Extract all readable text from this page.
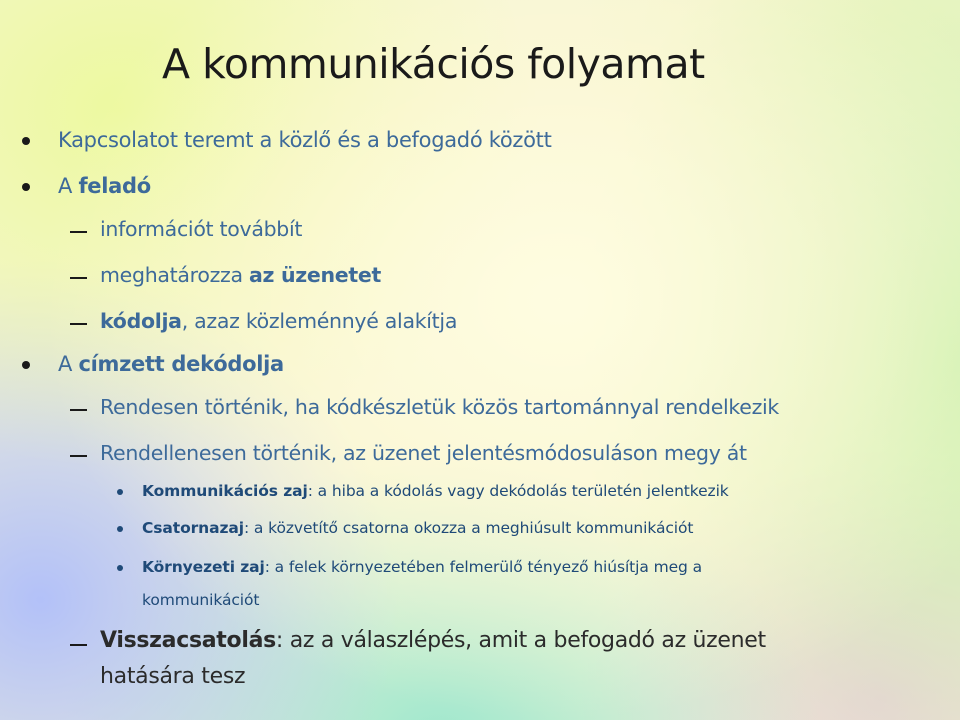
A kommunikációs folyamat
Kapcsolatot teremt a közlő és a befogadó között
A feladó
információt továbbít
meghatározza az üzenetet
kódolja, azaz közleménnyé alakítja
A címzett dekódolja
Rendesen történik, ha kódkészletük közös tartománnyal rendelkezik
Rendellenesen történik, az üzenet jelentésmódosuláson megy át
Kommunikációs zaj: a hiba a kódolás vagy dekódolás területén jelentkezik
Csatornazaj: a közvetítő csatorna okozza a meghiúsult kommunikációt
Környezeti zaj: a felek környezetében felmerülő tényező hiúsítja meg a
kommunikációt
Visszacsatolás: az a válaszlépés, amit a befogadó az üzenet
hatására tesz
